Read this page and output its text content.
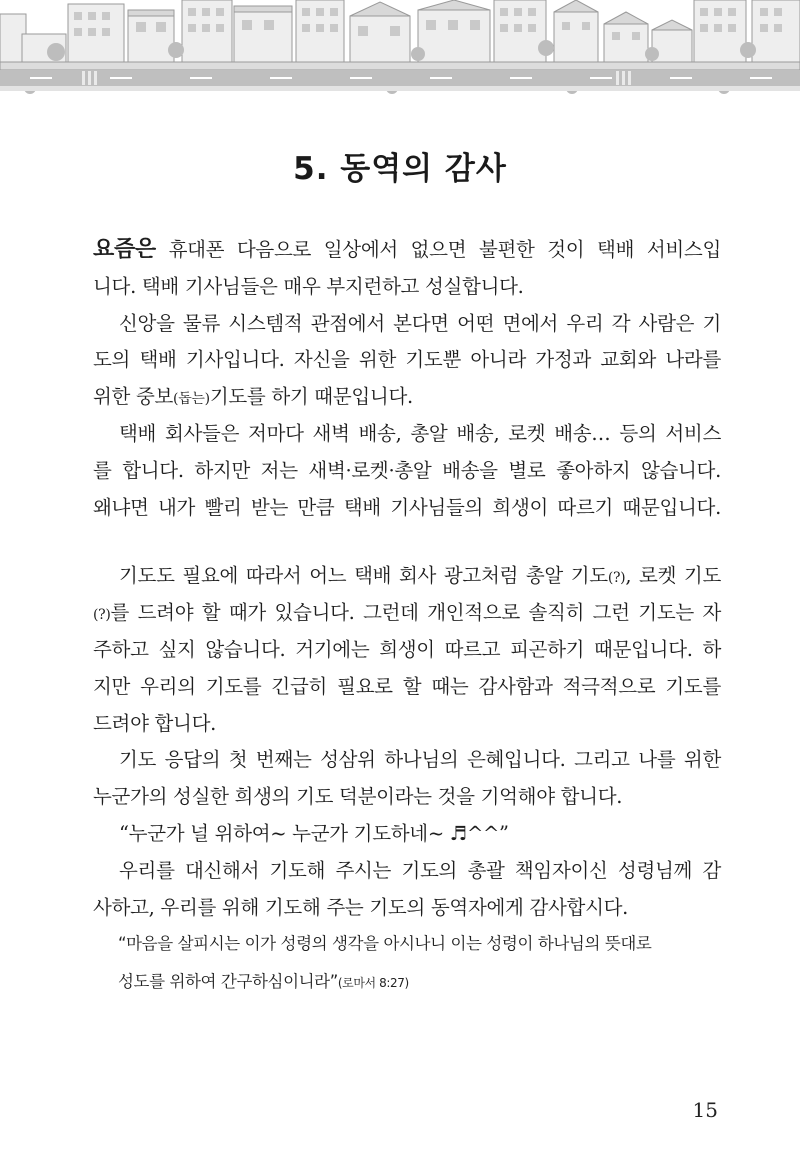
5. 동역의 감사
요즘은 휴대폰 다음으로 일상에서 없으면 불편한 것이 택배 서비스입
니다. 택배 기사님들은 매우 부지런하고 성실합니다.
신앙을 물류 시스템적 관점에서 본다면 어떤 면에서 우리 각 사람은 기
도의 택배 기사입니다. 자신을 위한 기도뿐 아니라 가정과 교회와 나라를
위한 중보(돕는)기도를 하기 때문입니다.
택배 회사들은 저마다 새벽 배송, 총알 배송, 로켓 배송… 등의 서비스
를 합니다. 하지만 저는 새벽·로켓·총알 배송을 별로 좋아하지 않습니다.
왜냐면 내가 빨리 받는 만큼 택배 기사님들의 희생이 따르기 때문입니다.
기도도 필요에 따라서 어느 택배 회사 광고처럼 총알 기도(?), 로켓 기도
(?)를 드려야 할 때가 있습니다. 그런데 개인적으로 솔직히 그런 기도는 자
주하고 싶지 않습니다. 거기에는 희생이 따르고 피곤하기 때문입니다. 하
지만 우리의 기도를 긴급히 필요로 할 때는 감사함과 적극적으로 기도를
드려야 합니다.
기도 응답의 첫 번째는 성삼위 하나님의 은혜입니다. 그리고 나를 위한
누군가의 성실한 희생의 기도 덕분이라는 것을 기억해야 합니다.
“누군가 널 위하여~ 누군가 기도하네~ ♬^^”
우리를 대신해서 기도해 주시는 기도의 총괄 책임자이신 성령님께 감
사하고, 우리를 위해 기도해 주는 기도의 동역자에게 감사합시다.
“마음을 살피시는 이가 성령의 생각을 아시나니 이는 성령이 하나님의 뜻대로
성도를 위하여 간구하심이니라”(로마서 8:27)
15
